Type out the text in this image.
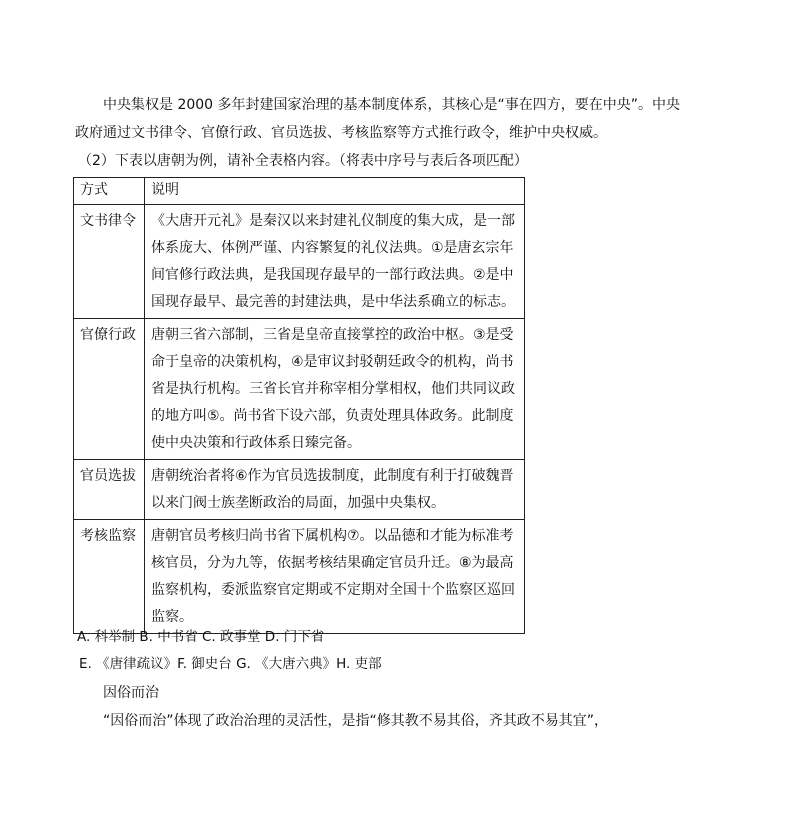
中央集权是 2000 多年封建国家治理的基本制度体系，其核心是“事在四方，要在中央”。中央
政府通过文书律令、官僚行政、官员选拔、考核监察等方式推行政令，维护中央权威。
（2）下表以唐朝为例，请补全表格内容。（将表中序号与表后各项匹配）
方式	说明
文书律令	《大唐开元礼》是秦汉以来封建礼仪制度的集大成，是一部体系庞大、体例严谨、内容繁复的礼仪法典。①是唐玄宗年间官修行政法典，是我国现存最早的一部行政法典。②是中国现存最早、最完善的封建法典，是中华法系确立的标志。
官僚行政	唐朝三省六部制，三省是皇帝直接掌控的政治中枢。③是受命于皇帝的决策机构，④是审议封驳朝廷政令的机构，尚书省是执行机构。三省长官并称宰相分掌相权，他们共同议政的地方叫⑤。尚书省下设六部，负责处理具体政务。此制度使中央决策和行政体系日臻完备。
官员选拔	唐朝统治者将⑥作为官员选拔制度，此制度有利于打破魏晋以来门阀士族垄断政治的局面，加强中央集权。
考核监察	唐朝官员考核归尚书省下属机构⑦。以品德和才能为标准考核官员，分为九等，依据考核结果确定官员升迁。⑧为最高监察机构，委派监察官定期或不定期对全国十个监察区巡回监察。
A. 科举制 B. 中书省 C. 政事堂 D. 门下省
E. 《唐律疏议》F. 御史台 G. 《大唐六典》H. 吏部
因俗而治
“因俗而治”体现了政治治理的灵活性，是指“修其教不易其俗，齐其政不易其宜”，
